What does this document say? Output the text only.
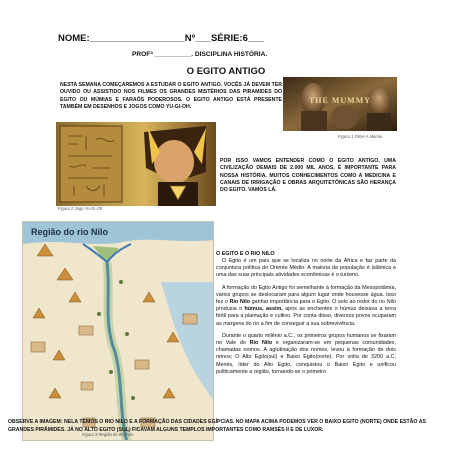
NOME:__________________Nº___SÉRIE:6___
PROFª __________. DISCIPLINA HISTÓRIA.
O EGITO ANTIGO
NESTA SEMANA COMEÇAREMOS A ESTUDAR O EGITO ANTIGO. VOCÊS JÁ DEVEM TER OUVIDO OU ASSISTIDO NOS FILMES OS GRANDES MISTÉRIOS DAS PIRAMIDES DO EGITO OU MÚMIAS E FARAÓS PODEROSOS. O EGITO ANTIGO ESTÁ PRESENTE TAMBÉM EM DESENHOS E JOGOS COMO YU-GI-OH.
THE MUMMY
Figura 1 Filme A Múmia
Figura 2 Jogo Yu-Gi-Oh
POR ISSO VAMOS ENTENDER COMO O EGITO ANTIGO, UMA CIVILIZAÇÃO DEMAIS DE 2.000 MIL ANOS, É IMPORTANTE PARA NOSSA HISTÓRIA. MUITOS CONHECIMENTOS COMO A MEDICINA E CANAIS DE IRRIGAÇÃO E OBRAS ARQUITETÔNICAS SÃO HERANÇA DO EGITO. VAMOS LÁ.
Região do rio Nilo
Figura 3 Região do Rio Nilo
O EGITO E O RIO NILO

O Egito é um país que se localiza no norte da África e faz parte da conjuntura política do Oriente Médio. A maioria da população é islâmica e uma das suas principais atividades econômicas é o turismo.

A formação do Egito Antigo foi semelhante à formação da Mesopotâmia, vários grupos se deslocaram para algum lugar onde houvesse água. Isso fez o Rio Nilo ganhar importância para o Egito. O solo ao redor do rio Nilo produzia o húmus, assim, após as enchentes o húmus deixava a terra fértil para a plantação e cultivo. Por conta disso, diversos povos ocuparam as margens do rio a fim de conseguir a sua sobrevivência.

Durante o quarto milênio a.C., os primeiros grupos humanos se fixaram no Vale do Rio Nilo e organizaram-se em pequenas comunidades, chamadas nomos. A aglutinação dos nomos, levou à formação de dois reinos; O Alto Egito(sul) e Baixo Egito(norte). Por volta de 3200 a.C, Menés, líder do Alto Egito, conquistou o Baixo Egito e unificou politicamente a região, tornando-se o primeiro

OBSERVE A IMAGEM: NELA TEMOS O RIO NILO E A FORMAÇÃO DAS CIDADES EGÍPCIAS. NO MAPA ACIMA PODEMOS VER O BAIXO EGITO (NORTE) ONDE ESTÃO AS GRANDES PIRÂMIDES. JÁ NO ALTO EGITO (SUL) FICAVAM ALGUNS TEMPLOS IMPORTANTES COMO RAMSÉS II E DE LUXOR.
